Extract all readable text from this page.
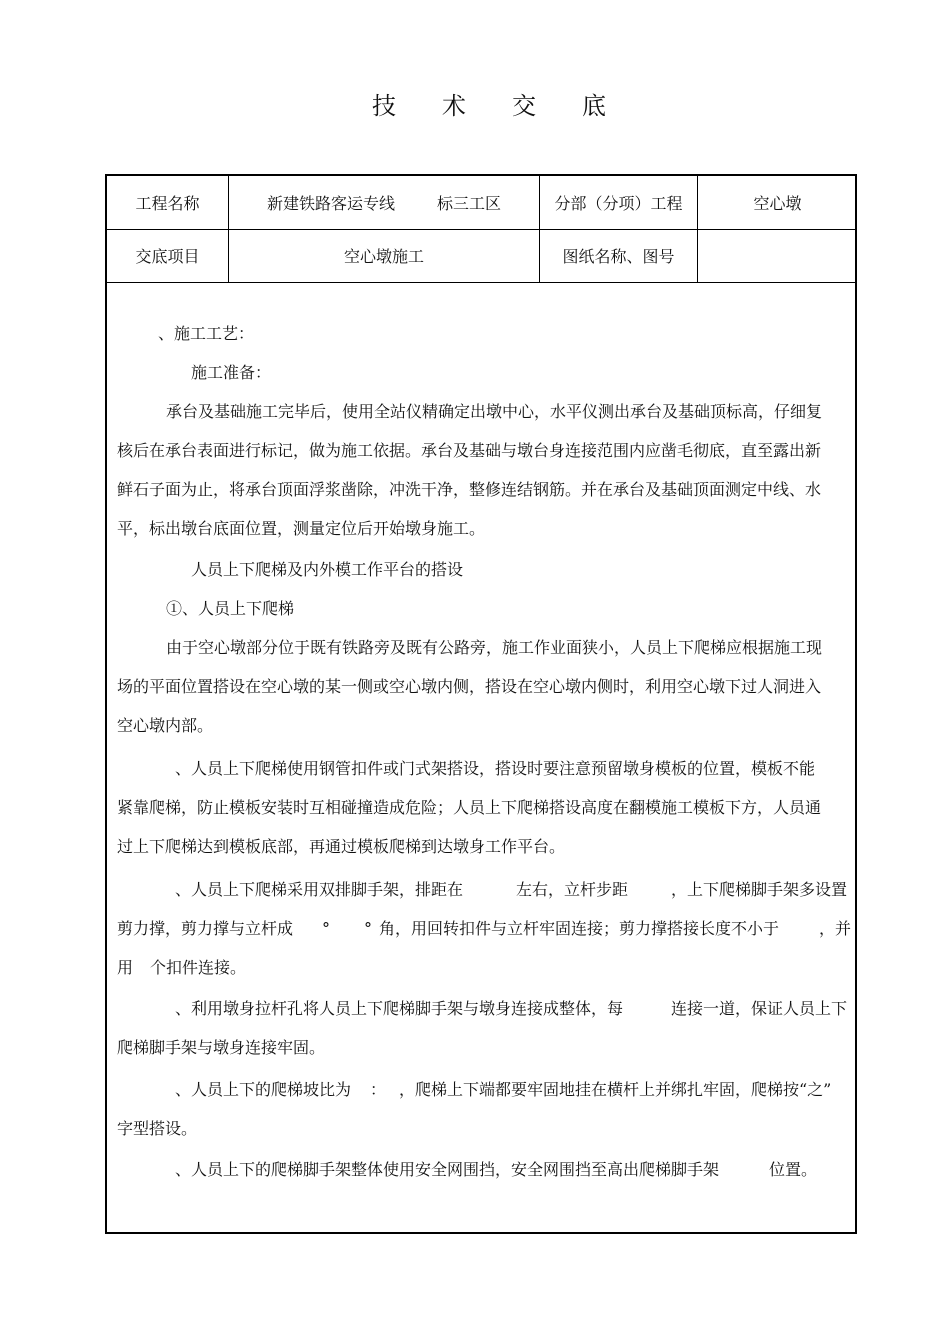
技 术 交 底
工程名称	新建铁路客运专线	标三工区	分部（分项）工程	空心墩
交底项目	空心墩施工	图纸名称、图号
、施工工艺：
施工准备：
承台及基础施工完毕后，使用全站仪精确定出墩中心，水平仪测出承台及基础顶标高，仔细复
核后在承台表面进行标记，做为施工依据。承台及基础与墩台身连接范围内应凿毛彻底，直至露出新
鲜石子面为止，将承台顶面浮浆凿除，冲洗干净，整修连结钢筋。并在承台及基础顶面测定中线、水
平，标出墩台底面位置，测量定位后开始墩身施工。
人员上下爬梯及内外模工作平台的搭设
①、人员上下爬梯
由于空心墩部分位于既有铁路旁及既有公路旁，施工作业面狭小，人员上下爬梯应根据施工现
场的平面位置搭设在空心墩的某一侧或空心墩内侧，搭设在空心墩内侧时，利用空心墩下过人洞进入
空心墩内部。
、人员上下爬梯使用钢管扣件或门式架搭设，搭设时要注意预留墩身模板的位置，模板不能
紧靠爬梯，防止模板安装时互相碰撞造成危险；人员上下爬梯搭设高度在翻模施工模板下方，人员通
过上下爬梯达到模板底部，再通过模板爬梯到达墩身工作平台。
、人员上下爬梯采用双排脚手架，排距在	左右，立杆步距	，上下爬梯脚手架多设置
剪力撑，剪力撑与立杆成 ° ° 角，用回转扣件与立杆牢固连接；剪力撑搭接长度不小于 ，并
用 个扣件连接。
、利用墩身拉杆孔将人员上下爬梯脚手架与墩身连接成整体，每	连接一道，保证人员上下
爬梯脚手架与墩身连接牢固。
、人员上下的爬梯坡比为 ： ，爬梯上下端都要牢固地挂在横杆上并绑扎牢固，爬梯按“之”
字型搭设。
、人员上下的爬梯脚手架整体使用安全网围挡，安全网围挡至高出爬梯脚手架	位置。
